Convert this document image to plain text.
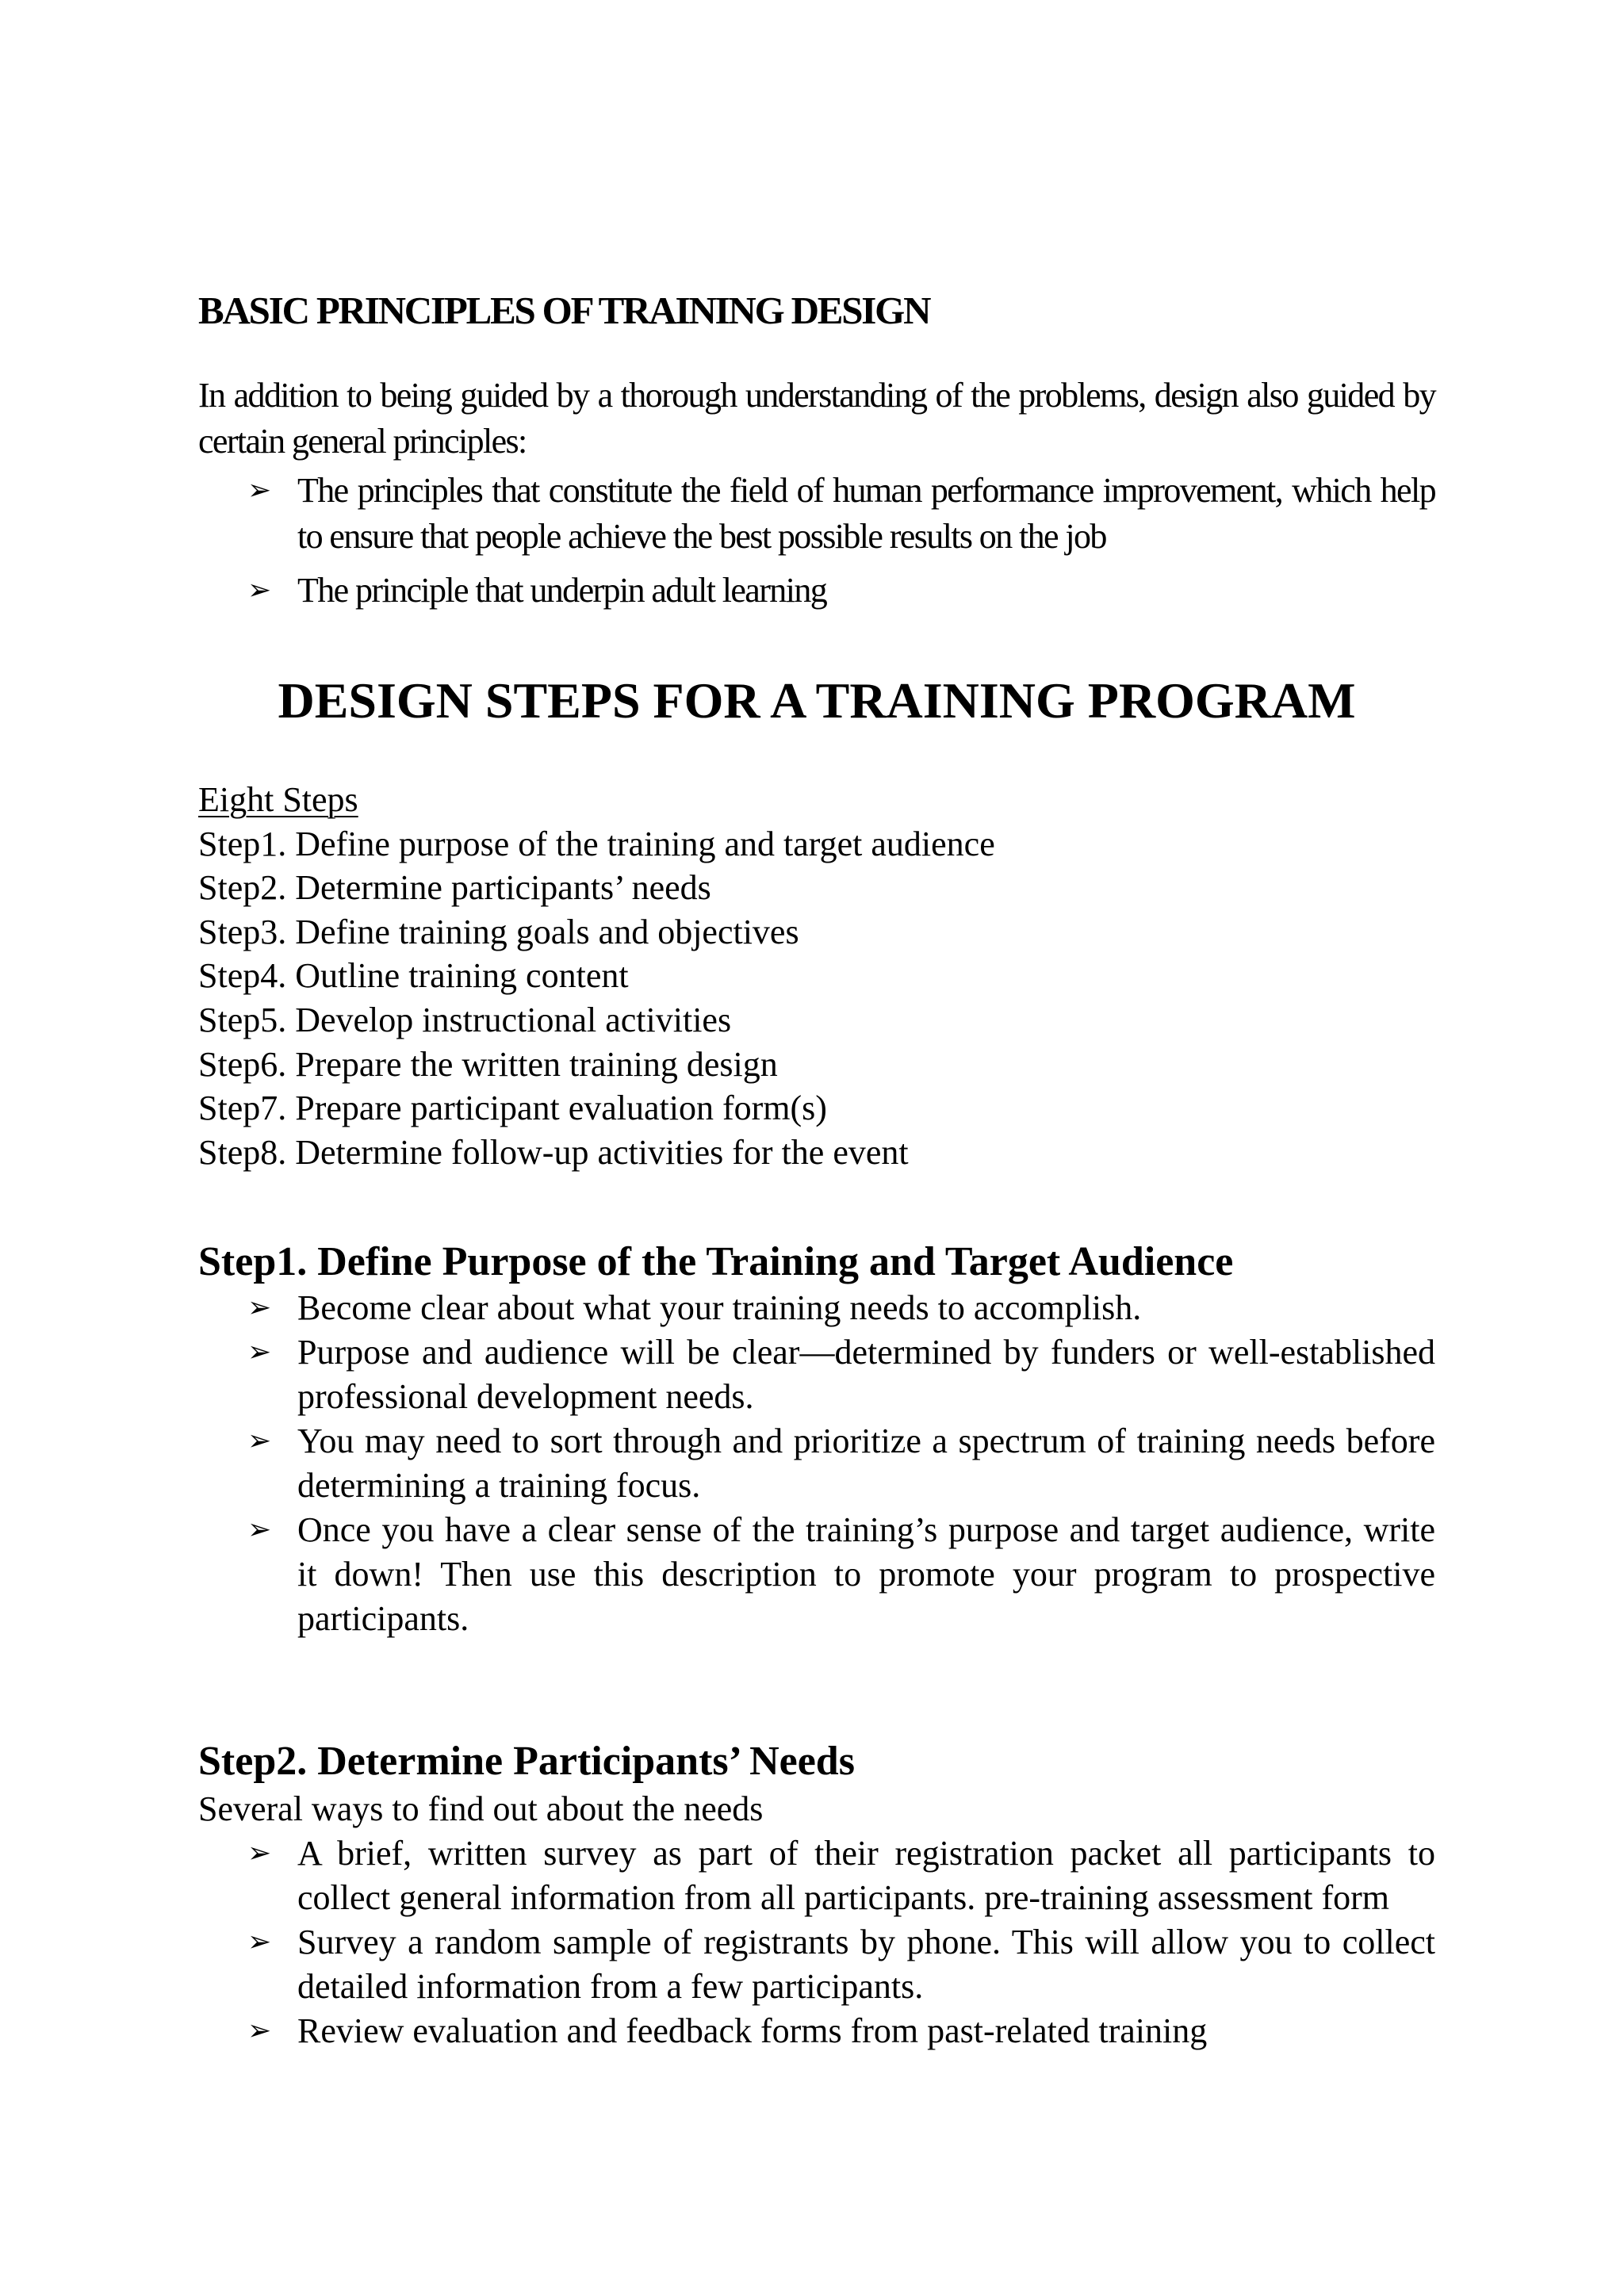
BASIC PRINCIPLES OF TRAINING DESIGN

In addition to being guided by a thorough understanding of the problems, design also guided by certain general principles:

➢ The principles that constitute the field of human performance improvement, which help to ensure that people achieve the best possible results on the job
➢ The principle that underpin adult learning
DESIGN STEPS FOR A TRAINING PROGRAM
Eight Steps
Step1. Define purpose of the training and target audience
Step2. Determine participants’ needs
Step3. Define training goals and objectives
Step4. Outline training content
Step5. Develop instructional activities
Step6. Prepare the written training design
Step7. Prepare participant evaluation form(s)
Step8. Determine follow-up activities for the event
Step1. Define Purpose of the Training and Target Audience
➢ Become clear about what your training needs to accomplish.
➢ Purpose and audience will be clear—determined by funders or well-established professional development needs.
➢ You may need to sort through and prioritize a spectrum of training needs before determining a training focus.
➢ Once you have a clear sense of the training’s purpose and target audience, write it down! Then use this description to promote your program to prospective participants.
Step2. Determine Participants’ Needs
Several ways to find out about the needs
➢ A brief, written survey as part of their registration packet all participants to collect general information from all participants. pre-training assessment form
➢ Survey a random sample of registrants by phone. This will allow you to collect detailed information from a few participants.
➢ Review evaluation and feedback forms from past-related training
